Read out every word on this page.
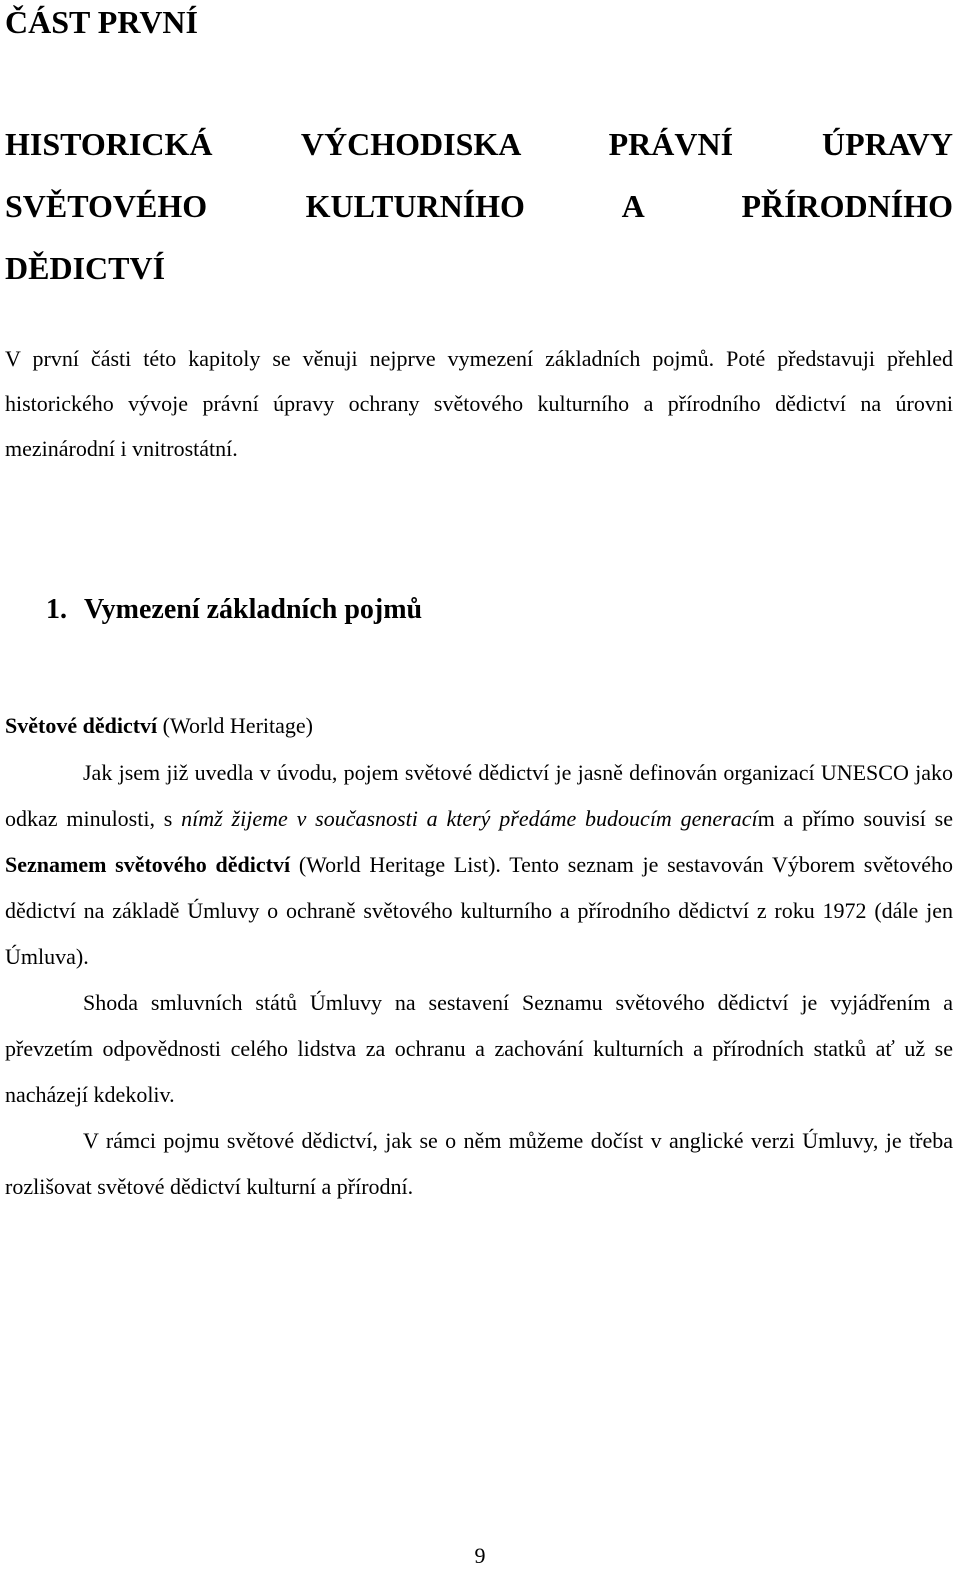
ČÁST PRVNÍ
HISTORICKÁ VÝCHODISKA PRÁVNÍ ÚPRAVY
SVĚTOVÉHO KULTURNÍHO A PŘÍRODNÍHO
DĚDICTVÍ

V první části této kapitoly se věnuji nejprve vymezení základních pojmů. Poté představuji přehled historického vývoje právní úpravy ochrany světového kulturního a přírodního dědictví na úrovni mezinárodní i vnitrostátní.

1. Vymezení základních pojmů

Světové dědictví (World Heritage)

Jak jsem již uvedla v úvodu, pojem světové dědictví je jasně definován organizací UNESCO jako odkaz minulosti, s nímž žijeme v současnosti a který předáme budoucím generacím a přímo souvisí se Seznamem světového dědictví (World Heritage List). Tento seznam je sestavován Výborem světového dědictví na základě Úmluvy o ochraně světového kulturního a přírodního dědictví z roku 1972 (dále jen Úmluva).

Shoda smluvních států Úmluvy na sestavení Seznamu světového dědictví je vyjádřením a převzetím odpovědnosti celého lidstva za ochranu a zachování kulturních a přírodních statků ať už se nacházejí kdekoliv.

V rámci pojmu světové dědictví, jak se o něm můžeme dočíst v anglické verzi Úmluvy, je třeba rozlišovat světové dědictví kulturní a přírodní.

9
